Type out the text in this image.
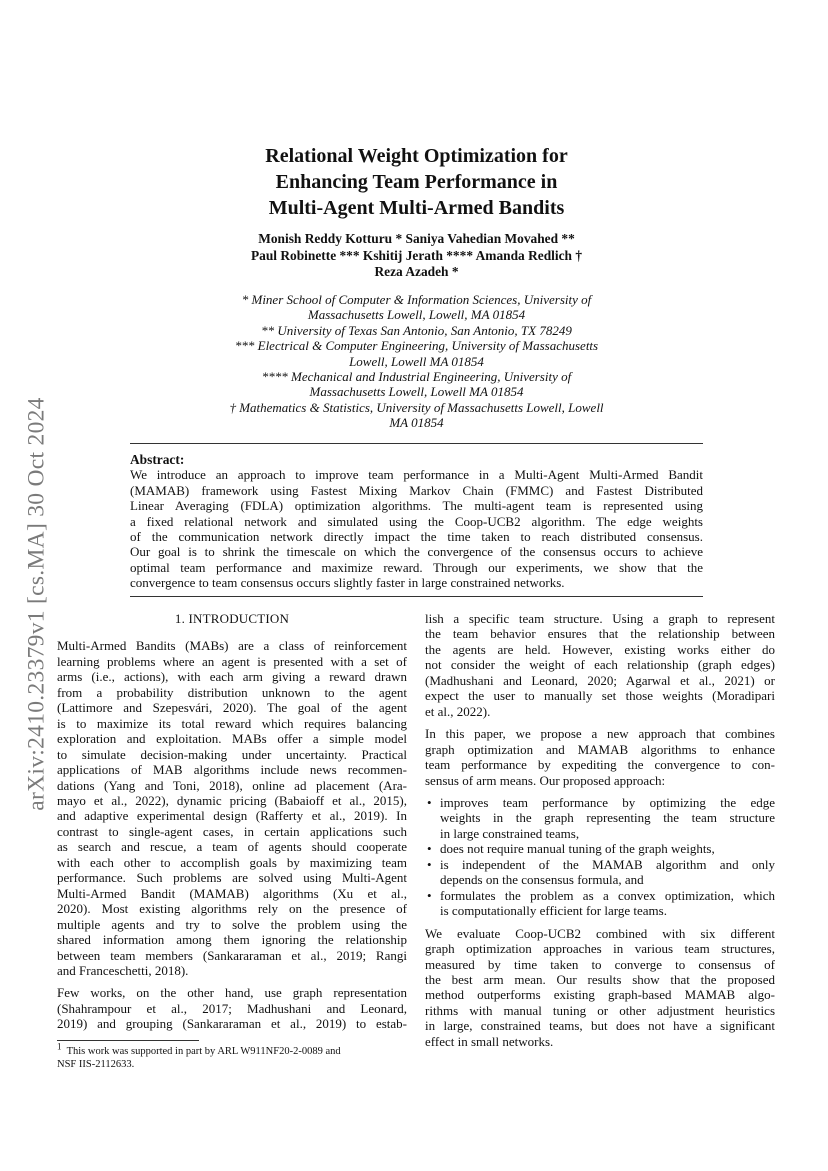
arXiv:2410.23379v1 [cs.MA] 30 Oct 2024
Relational Weight Optimization for
Enhancing Team Performance in
Multi-Agent Multi-Armed Bandits
Monish Reddy Kotturu * Saniya Vahedian Movahed **
Paul Robinette *** Kshitij Jerath **** Amanda Redlich †
Reza Azadeh *
* Miner School of Computer & Information Sciences, University of
Massachusetts Lowell, Lowell, MA 01854
** University of Texas San Antonio, San Antonio, TX 78249
*** Electrical & Computer Engineering, University of Massachusetts
Lowell, Lowell MA 01854
**** Mechanical and Industrial Engineering, University of
Massachusetts Lowell, Lowell MA 01854
† Mathematics & Statistics, University of Massachusetts Lowell, Lowell
MA 01854
Abstract:
We introduce an approach to improve team performance in a Multi-Agent Multi-Armed Bandit
(MAMAB) framework using Fastest Mixing Markov Chain (FMMC) and Fastest Distributed
Linear Averaging (FDLA) optimization algorithms. The multi-agent team is represented using
a fixed relational network and simulated using the Coop-UCB2 algorithm. The edge weights
of the communication network directly impact the time taken to reach distributed consensus.
Our goal is to shrink the timescale on which the convergence of the consensus occurs to achieve
optimal team performance and maximize reward. Through our experiments, we show that the
convergence to team consensus occurs slightly faster in large constrained networks.
1. INTRODUCTION
Multi-Armed Bandits (MABs) are a class of reinforcement
learning problems where an agent is presented with a set of
arms (i.e., actions), with each arm giving a reward drawn
from a probability distribution unknown to the agent
(Lattimore and Szepesvári, 2020). The goal of the agent
is to maximize its total reward which requires balancing
exploration and exploitation. MABs offer a simple model
to simulate decision-making under uncertainty. Practical
applications of MAB algorithms include news recommen-
dations (Yang and Toni, 2018), online ad placement (Ara-
mayo et al., 2022), dynamic pricing (Babaioff et al., 2015),
and adaptive experimental design (Rafferty et al., 2019). In
contrast to single-agent cases, in certain applications such
as search and rescue, a team of agents should cooperate
with each other to accomplish goals by maximizing team
performance. Such problems are solved using Multi-Agent
Multi-Armed Bandit (MAMAB) algorithms (Xu et al.,
2020). Most existing algorithms rely on the presence of
multiple agents and try to solve the problem using the
shared information among them ignoring the relationship
between team members (Sankararaman et al., 2019; Rangi
and Franceschetti, 2018).
Few works, on the other hand, use graph representation
(Shahrampour et al., 2017; Madhushani and Leonard,
2019) and grouping (Sankararaman et al., 2019) to estab-
$^1$ This work was supported in part by ARL W911NF20-2-0089 and
NSF IIS-2112633.
lish a specific team structure. Using a graph to represent
the team behavior ensures that the relationship between
the agents are held. However, existing works either do
not consider the weight of each relationship (graph edges)
(Madhushani and Leonard, 2020; Agarwal et al., 2021) or
expect the user to manually set those weights (Moradipari
et al., 2022).
In this paper, we propose a new approach that combines
graph optimization and MAMAB algorithms to enhance
team performance by expediting the convergence to con-
sensus of arm means. Our proposed approach:
• improves team performance by optimizing the edge
weights in the graph representing the team structure
in large constrained teams,
• does not require manual tuning of the graph weights,
• is independent of the MAMAB algorithm and only
depends on the consensus formula, and
• formulates the problem as a convex optimization, which
is computationally efficient for large teams.
We evaluate Coop-UCB2 combined with six different
graph optimization approaches in various team structures,
measured by time taken to converge to consensus of
the best arm mean. Our results show that the proposed
method outperforms existing graph-based MAMAB algo-
rithms with manual tuning or other adjustment heuristics
in large, constrained teams, but does not have a significant
effect in small networks.
